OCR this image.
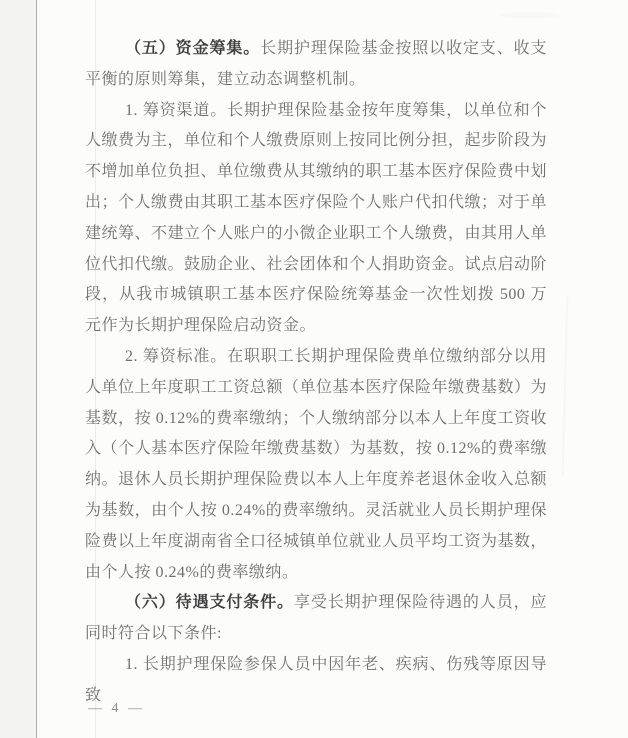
（五）资金筹集。长期护理保险基金按照以收定支、收支平衡的原则筹集，建立动态调整机制。

1. 筹资渠道。长期护理保险基金按年度筹集，以单位和个人缴费为主，单位和个人缴费原则上按同比例分担，起步阶段为不增加单位负担、单位缴费从其缴纳的职工基本医疗保险费中划出；个人缴费由其职工基本医疗保险个人账户代扣代缴；对于单建统筹、不建立个人账户的小微企业职工个人缴费，由其用人单位代扣代缴。鼓励企业、社会团体和个人捐助资金。试点启动阶段，从我市城镇职工基本医疗保险统筹基金一次性划拨 500 万元作为长期护理保险启动资金。

2. 筹资标准。在职职工长期护理保险费单位缴纳部分以用人单位上年度职工工资总额（单位基本医疗保险年缴费基数）为基数，按 0.12%的费率缴纳；个人缴纳部分以本人上年度工资收入（个人基本医疗保险年缴费基数）为基数，按 0.12%的费率缴纳。退休人员长期护理保险费以本人上年度养老退休金收入总额为基数，由个人按 0.24%的费率缴纳。灵活就业人员长期护理保险费以上年度湖南省全口径城镇单位就业人员平均工资为基数，由个人按 0.24%的费率缴纳。

（六）待遇支付条件。享受长期护理保险待遇的人员，应同时符合以下条件:

1. 长期护理保险参保人员中因年老、疾病、伤残等原因导致

— 4 —
